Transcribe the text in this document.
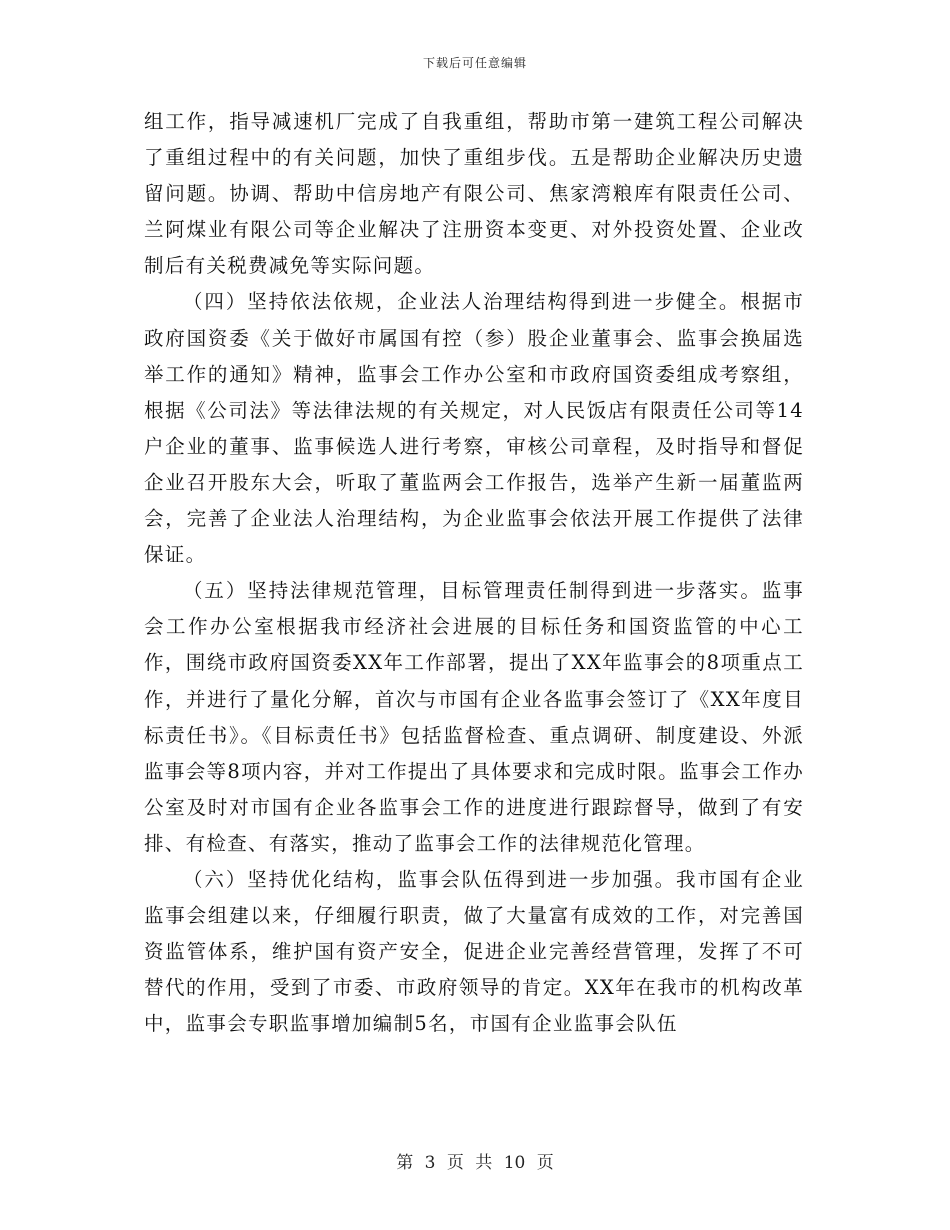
下载后可任意编辑

组工作，指导减速机厂完成了自我重组，帮助市第一建筑工程公司解决了重组过程中的有关问题，加快了重组步伐。五是帮助企业解决历史遗留问题。协调、帮助中信房地产有限公司、焦家湾粮库有限责任公司、兰阿煤业有限公司等企业解决了注册资本变更、对外投资处置、企业改制后有关税费减免等实际问题。

（四）坚持依法依规，企业法人治理结构得到进一步健全。根据市政府国资委《关于做好市属国有控（参）股企业董事会、监事会换届选举工作的通知》精神，监事会工作办公室和市政府国资委组成考察组，根据《公司法》等法律法规的有关规定，对人民饭店有限责任公司等14户企业的董事、监事候选人进行考察，审核公司章程，及时指导和督促企业召开股东大会，听取了董监两会工作报告，选举产生新一届董监两会，完善了企业法人治理结构，为企业监事会依法开展工作提供了法律保证。

（五）坚持法律规范管理，目标管理责任制得到进一步落实。监事会工作办公室根据我市经济社会进展的目标任务和国资监管的中心工作，围绕市政府国资委XX年工作部署，提出了XX年监事会的8项重点工作，并进行了量化分解，首次与市国有企业各监事会签订了《XX年度目标责任书》。《目标责任书》包括监督检查、重点调研、制度建设、外派监事会等8项内容，并对工作提出了具体要求和完成时限。监事会工作办公室及时对市国有企业各监事会工作的进度进行跟踪督导，做到了有安排、有检查、有落实，推动了监事会工作的法律规范化管理。

（六）坚持优化结构，监事会队伍得到进一步加强。我市国有企业监事会组建以来，仔细履行职责，做了大量富有成效的工作，对完善国资监管体系，维护国有资产安全，促进企业完善经营管理，发挥了不可替代的作用，受到了市委、市政府领导的肯定。XX年在我市的机构改革中，监事会专职监事增加编制5名，市国有企业监事会队伍

第 3 页 共 10 页
